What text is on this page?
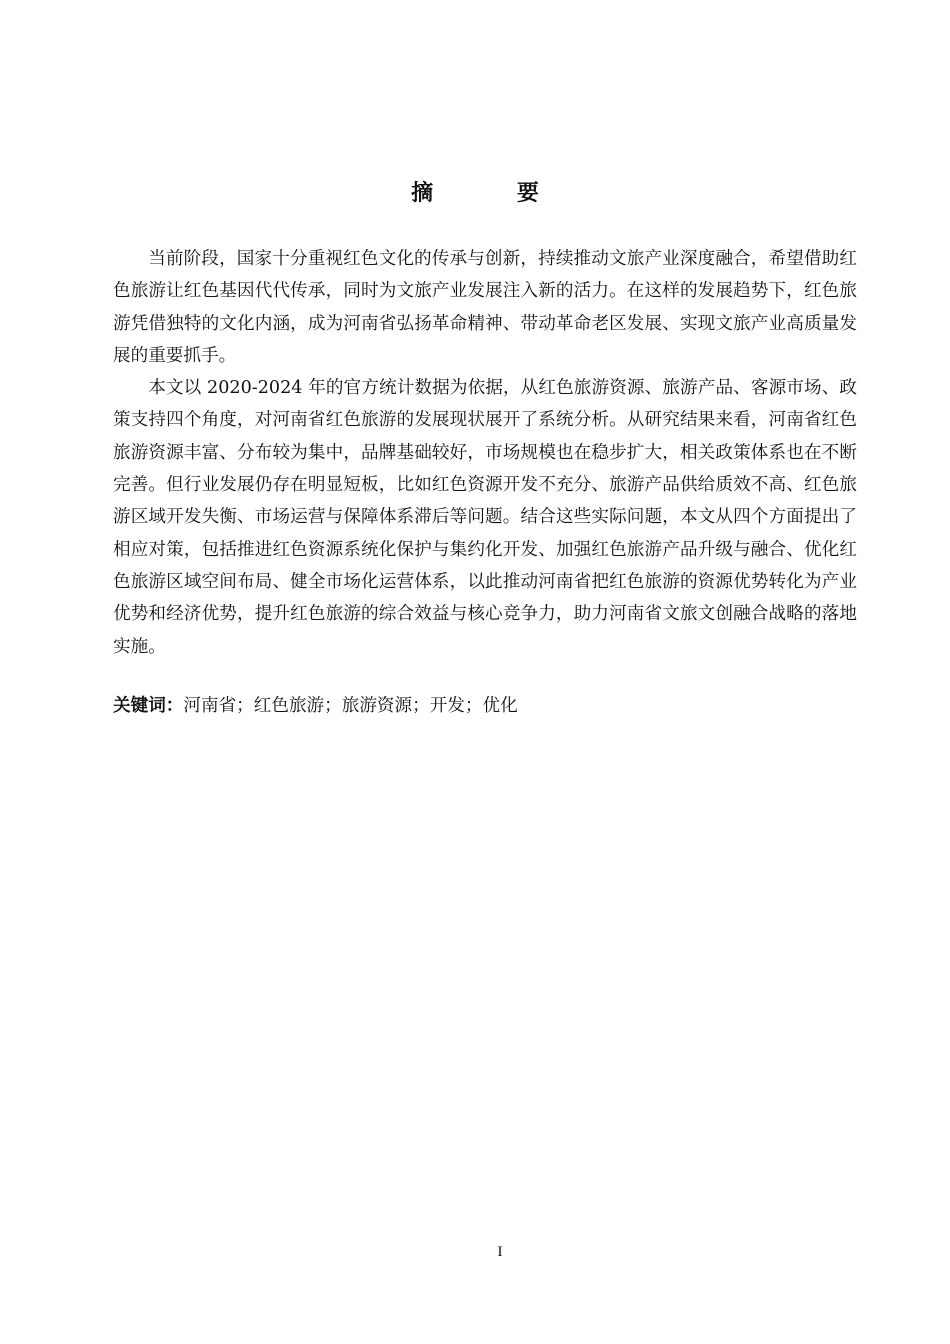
摘 要

当前阶段，国家十分重视红色文化的传承与创新，持续推动文旅产业深度融合，希望借助红色旅游让红色基因代代传承，同时为文旅产业发展注入新的活力。在这样的发展趋势下，红色旅游凭借独特的文化内涵，成为河南省弘扬革命精神、带动革命老区发展、实现文旅产业高质量发展的重要抓手。

本文以 2020-2024 年的官方统计数据为依据，从红色旅游资源、旅游产品、客源市场、政策支持四个角度，对河南省红色旅游的发展现状展开了系统分析。从研究结果来看，河南省红色旅游资源丰富、分布较为集中，品牌基础较好，市场规模也在稳步扩大，相关政策体系也在不断完善。但行业发展仍存在明显短板，比如红色资源开发不充分、旅游产品供给质效不高、红色旅游区域开发失衡、市场运营与保障体系滞后等问题。结合这些实际问题，本文从四个方面提出了相应对策，包括推进红色资源系统化保护与集约化开发、加强红色旅游产品升级与融合、优化红色旅游区域空间布局、健全市场化运营体系，以此推动河南省把红色旅游的资源优势转化为产业优势和经济优势，提升红色旅游的综合效益与核心竞争力，助力河南省文旅文创融合战略的落地实施。

关键词：河南省；红色旅游；旅游资源；开发；优化
I
